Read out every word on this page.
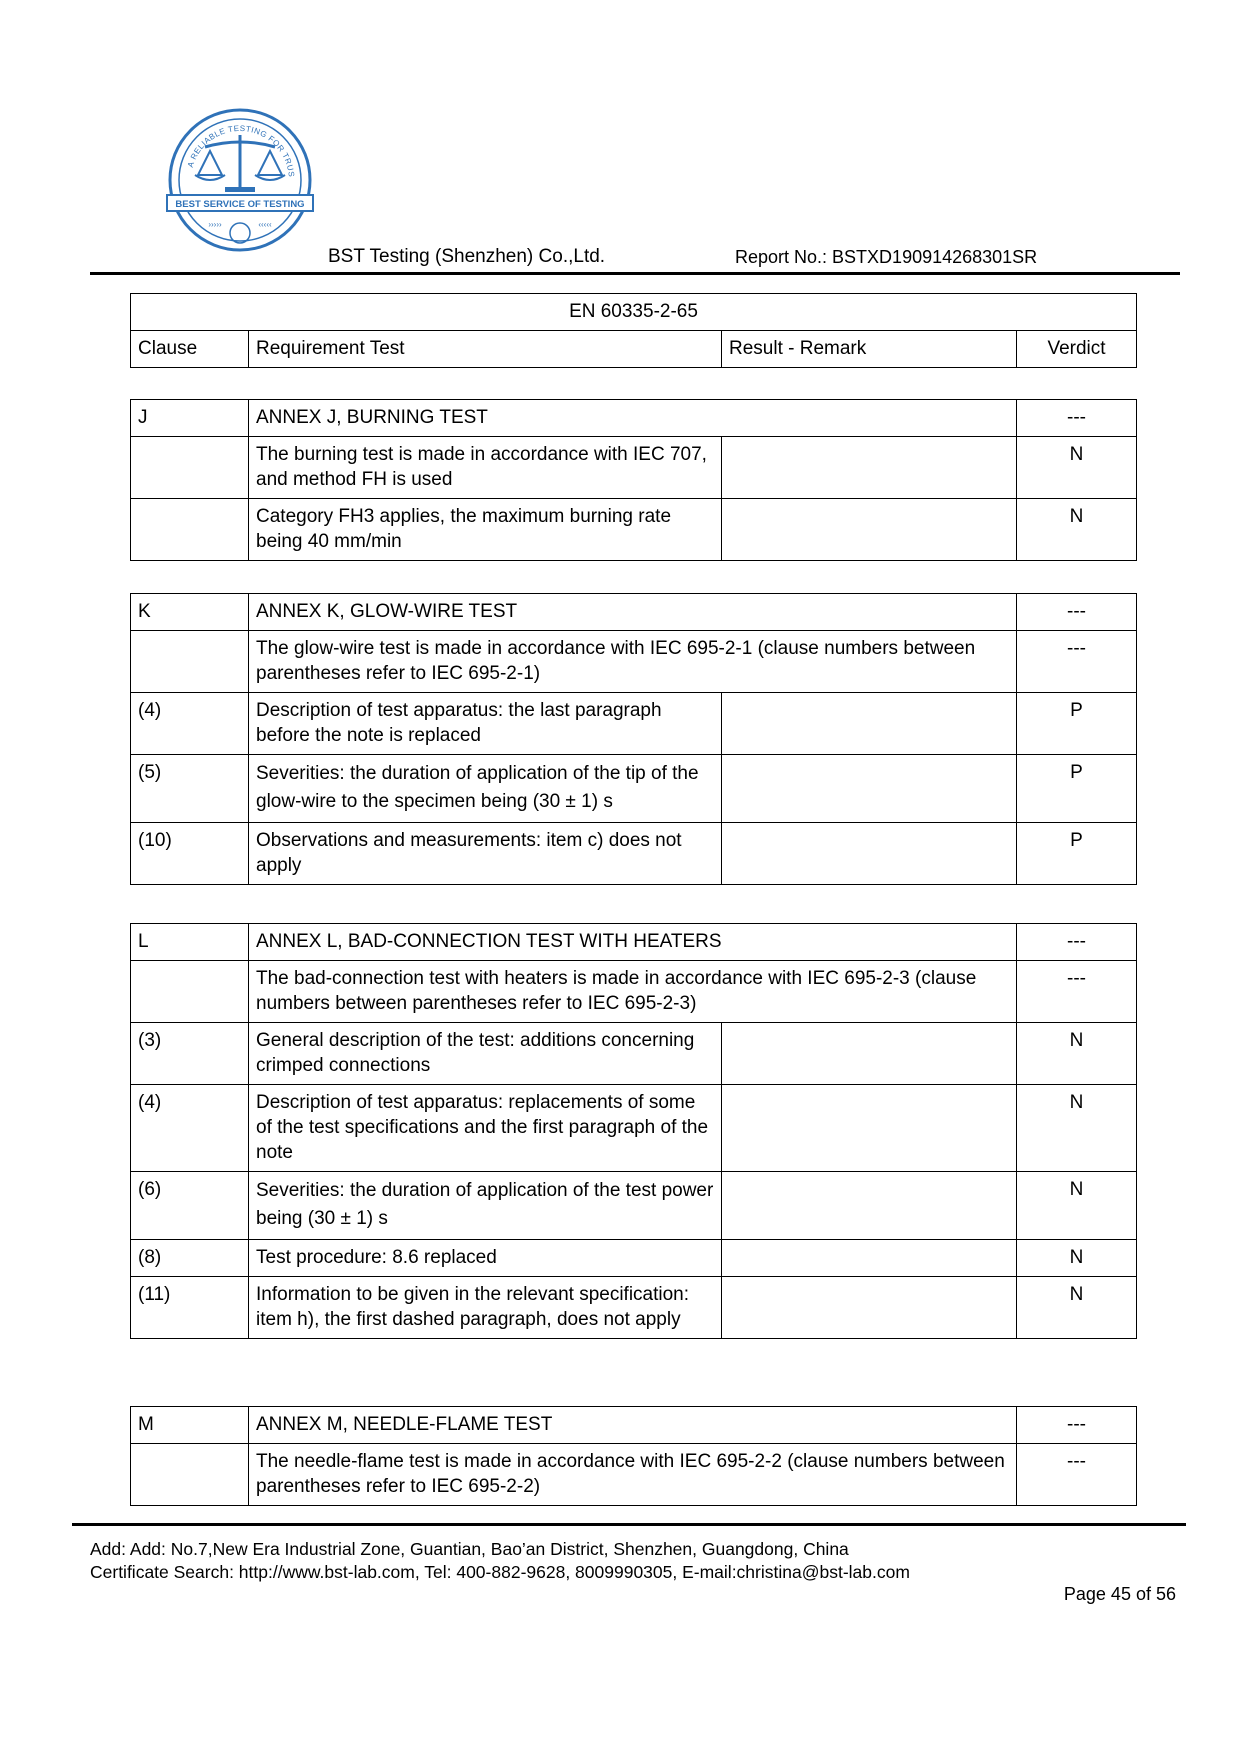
A RELIABLE TESTING FOR TRUS
BEST SERVICE OF TESTING
›››››	‹‹‹‹‹
BST Testing (Shenzhen) Co.,Ltd.	Report No.: BSTXD190914268301SR
EN 60335-2-65
Clause	Requirement Test	Result - Remark	Verdict
J	ANNEX J, BURNING TEST		---
	The burning test is made in accordance with IEC 707, and method FH is used		N
	Category FH3 applies, the maximum burning rate being 40 mm/min		N
K	ANNEX K, GLOW-WIRE TEST		---
	The glow-wire test is made in accordance with IEC 695-2-1 (clause numbers between parentheses refer to IEC 695-2-1)		---
(4)	Description of test apparatus: the last paragraph before the note is replaced		P
(5)	Severities: the duration of application of the tip of the glow-wire to the specimen being (30 ± 1) s		P
(10)	Observations and measurements: item c) does not apply		P
L	ANNEX L, BAD-CONNECTION TEST WITH HEATERS		---
	The bad-connection test with heaters is made in accordance with IEC 695-2-3 (clause numbers between parentheses refer to IEC 695-2-3)		---
(3)	General description of the test: additions concerning crimped connections		N
(4)	Description of test apparatus: replacements of some of the test specifications and the first paragraph of the note		N
(6)	Severities: the duration of application of the test power being (30 ± 1) s		N
(8)	Test procedure: 8.6 replaced		N
(11)	Information to be given in the relevant specification: item h), the first dashed paragraph, does not apply		N
M	ANNEX M, NEEDLE-FLAME TEST	---
	The needle-flame test is made in accordance with IEC 695-2-2 (clause numbers between parentheses refer to IEC 695-2-2)	---
Add: Add: No.7,New Era Industrial Zone, Guantian, Bao’an District, Shenzhen, Guangdong, China
Certificate Search: http://www.bst-lab.com, Tel: 400-882-9628, 8009990305, E-mail:christina@bst-lab.com
Page 45 of 56
